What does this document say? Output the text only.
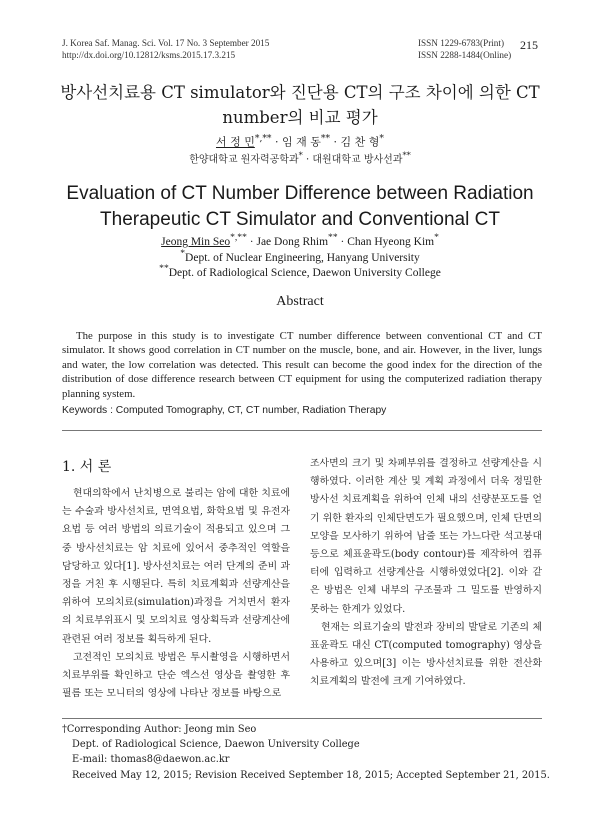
J. Korea Saf. Manag. Sci. Vol. 17 No. 3 September 2015
http://dx.doi.org/10.12812/ksms.2015.17.3.215
ISSN 1229-6783(Print)
ISSN 2288-1484(Online)
215
방사선치료용 CT simulator와 진단용 CT의 구조 차이에 의한 CT
number의 비교 평가
서 정 민*,** · 임 재 동** · 김 찬 형*
한양대학교 원자력공학과* · 대원대학교 방사선과**
Evaluation of CT Number Difference between Radiation
Therapeutic CT Simulator and Conventional CT
Jeong Min Seo*,** · Jae Dong Rhim** · Chan Hyeong Kim*
*Dept. of Nuclear Engineering, Hanyang University
**Dept. of Radiological Science, Daewon University College
Abstract

The purpose in this study is to investigate CT number difference between conventional CT and CT simulator. It shows good correlation in CT number on the muscle, bone, and air. However, in the liver, lungs and water, the low correlation was detected. This result can become the good index for the direction of the distribution of dose difference research between CT equipment for using the computerized radiation therapy planning system.

Keywords : Computed Tomography, CT, CT number, Radiation Therapy
1. 서 론

현대의학에서 난치병으로 불리는 암에 대한 치료에는 수술과 방사선치료, 면역요법, 화학요법 및 유전자요법 등 여러 방법의 의료기술이 적용되고 있으며 그 중 방사선치료는 암 치료에 있어서 중추적인 역할을 담당하고 있다[1]. 방사선치료는 여러 단계의 준비 과정을 거친 후 시행된다. 특히 치료계획과 선량계산을 위하여 모의치료(simulation)과정을 거치면서 환자의 치료부위표시 및 모의치료 영상획득과 선량계산에 관련된 여러 정보를 획득하게 된다.

고전적인 모의치료 방법은 투시촬영을 시행하면서 치료부위를 확인하고 단순 엑스선 영상을 촬영한 후 필름 또는 모니터의 영상에 나타난 정보를 바탕으로

조사면의 크기 및 차폐부위를 결정하고 선량계산을 시행하였다. 이러한 계산 및 계획 과정에서 더욱 정밀한 방사선 치료계획을 위하여 인체 내의 선량분포도를 얻기 위한 환자의 인체단면도가 필요했으며, 인체 단면의 모양을 모사하기 위하여 납줄 또는 가느다란 석고붕대 등으로 체표윤곽도(body contour)를 제작하여 컴퓨터에 입력하고 선량계산을 시행하였었다[2]. 이와 같은 방법은 인체 내부의 구조물과 그 밀도를 반영하지 못하는 한계가 있었다.

현재는 의료기술의 발전과 장비의 발달로 기존의 체표윤곽도 대신 CT(computed tomography) 영상을 사용하고 있으며[3] 이는 방사선치료를 위한 전산화 치료계획의 발전에 크게 기여하였다.

†Corresponding Author: Jeong min Seo
Dept. of Radiological Science, Daewon University College
E-mail: thomas8@daewon.ac.kr
Received May 12, 2015; Revision Received September 18, 2015; Accepted September 21, 2015.
